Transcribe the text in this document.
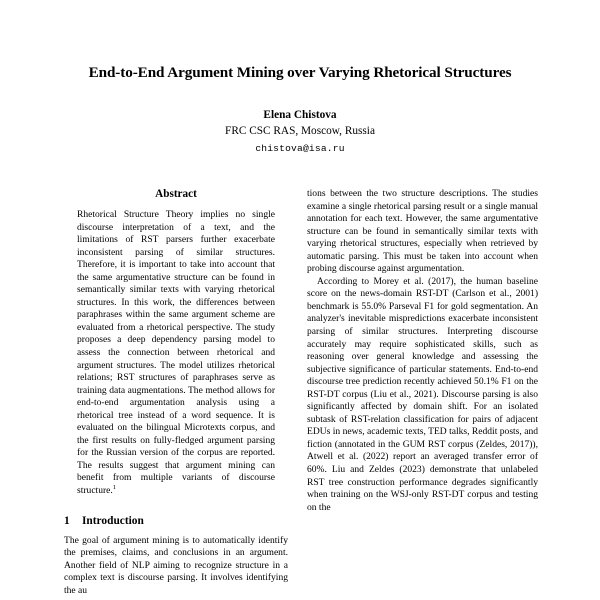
End-to-End Argument Mining over Varying Rhetorical Structures
Elena Chistova
FRC CSC RAS, Moscow, Russia
chistova@isa.ru
Abstract

Rhetorical Structure Theory implies no single discourse interpretation of a text, and the limitations of RST parsers further exacerbate inconsistent parsing of similar structures. Therefore, it is important to take into account that the same argumentative structure can be found in semantically similar texts with varying rhetorical structures. In this work, the differences between paraphrases within the same argument scheme are evaluated from a rhetorical perspective. The study proposes a deep dependency parsing model to assess the connection between rhetorical and argument structures. The model utilizes rhetorical relations; RST structures of paraphrases serve as training data augmentations. The method allows for end-to-end argumentation analysis using a rhetorical tree instead of a word sequence. It is evaluated on the bilingual Microtexts corpus, and the first results on fully-fledged argument parsing for the Russian version of the corpus are reported. The results suggest that argument mining can benefit from multiple variants of discourse structure.$^1$

1 Introduction

The goal of argument mining is to automatically identify the premises, claims, and conclusions in an argument. Another field of NLP aiming to recognize structure in a complex text is discourse parsing. It involves identifying the au

tions between the two structure descriptions. The studies examine a single rhetorical parsing result or a single manual annotation for each text. However, the same argumentative structure can be found in semantically similar texts with varying rhetorical structures, especially when retrieved by automatic parsing. This must be taken into account when probing discourse against argumentation.

According to Morey et al. (2017), the human baseline score on the news-domain RST-DT (Carlson et al., 2001) benchmark is 55.0% Parseval F1 for gold segmentation. An analyzer's inevitable mispredictions exacerbate inconsistent parsing of similar structures. Interpreting discourse accurately may require sophisticated skills, such as reasoning over general knowledge and assessing the subjective significance of particular statements. End-to-end discourse tree prediction recently achieved 50.1% F1 on the RST-DT corpus (Liu et al., 2021). Discourse parsing is also significantly affected by domain shift. For an isolated subtask of RST-relation classification for pairs of adjacent EDUs in news, academic texts, TED talks, Reddit posts, and fiction (annotated in the GUM RST corpus (Zeldes, 2017)), Atwell et al. (2022) report an averaged transfer error of 60%. Liu and Zeldes (2023) demonstrate that unlabeled RST tree construction performance degrades significantly when training on the WSJ-only RST-DT corpus and testing on the
